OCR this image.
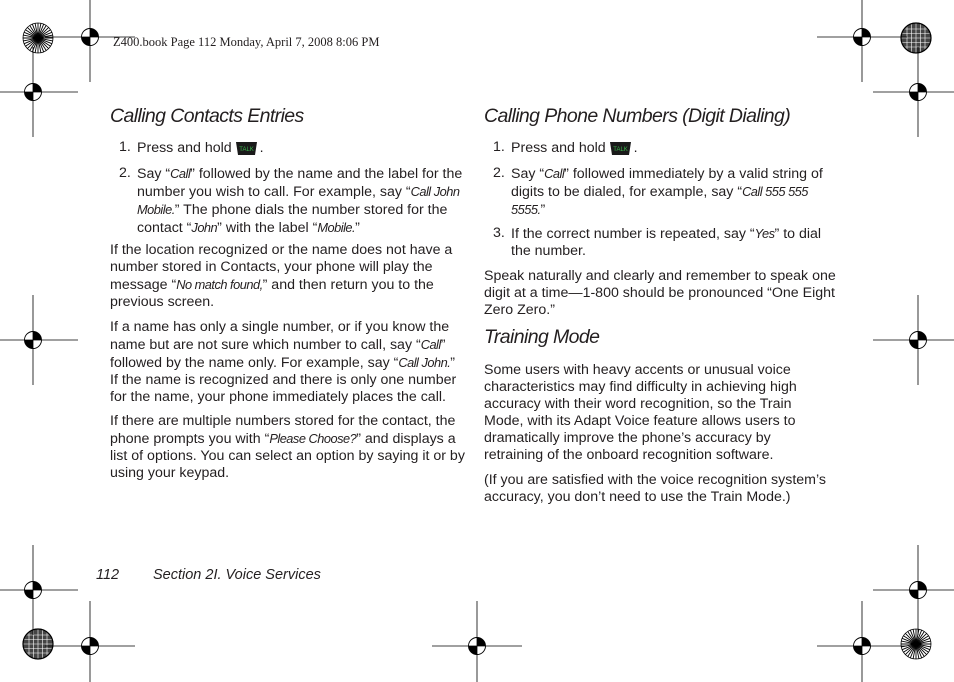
Z400.book Page 112 Monday, April 7, 2008 8:06 PM
Calling Contacts Entries
1. Press and hold TALK .
2. Say “Call” followed by the name and the label for the number you wish to call. For example, say “Call John Mobile.” The phone dials the number stored for the contact “John” with the label “Mobile.”

If the location recognized or the name does not have a number stored in Contacts, your phone will play the message “No match found,” and then return you to the previous screen.

If a name has only a single number, or if you know the name but are not sure which number to call, say “Call” followed by the name only. For example, say “Call John.” If the name is recognized and there is only one number for the name, your phone immediately places the call.

If there are multiple numbers stored for the contact, the phone prompts you with “Please Choose?” and displays a list of options. You can select an option by saying it or by using your keypad.

Calling Phone Numbers (Digit Dialing)
1. Press and hold TALK .
2. Say “Call” followed immediately by a valid string of digits to be dialed, for example, say “Call 555 555 5555.”
3. If the correct number is repeated, say “Yes” to dial the number.

Speak naturally and clearly and remember to speak one digit at a time—1-800 should be pronounced “One Eight Zero Zero.”

Training Mode

Some users with heavy accents or unusual voice characteristics may find difficulty in achieving high accuracy with their word recognition, so the Train Mode, with its Adapt Voice feature allows users to dramatically improve the phone’s accuracy by retraining of the onboard recognition software.

(If you are satisfied with the voice recognition system’s accuracy, you don’t need to use the Train Mode.)

112 Section 2I. Voice Services
